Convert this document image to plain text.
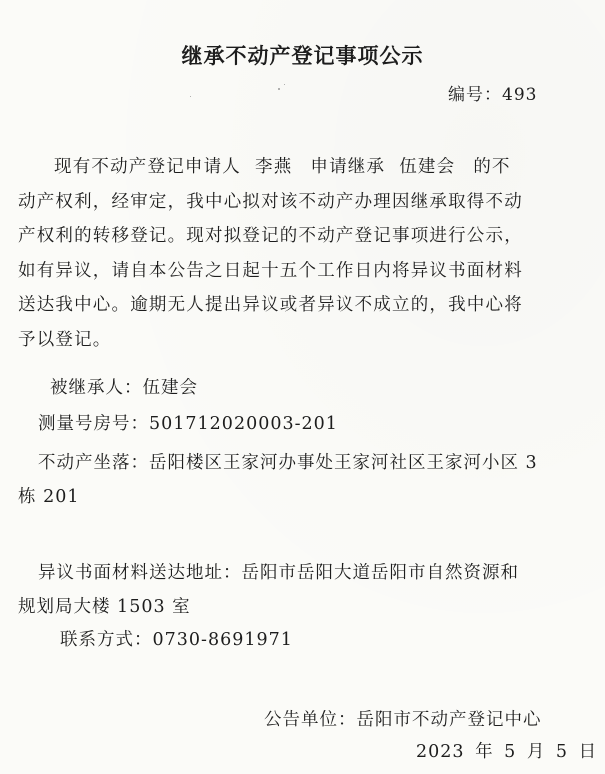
继承不动产登记事项公示
编号：493
现有不动产登记申请人 李燕 申请继承 伍建会 的不
动产权利，经审定，我中心拟对该不动产办理因继承取得不动
产权利的转移登记。现对拟登记的不动产登记事项进行公示，
如有异议，请自本公告之日起十五个工作日内将异议书面材料
送达我中心。逾期无人提出异议或者异议不成立的，我中心将
予以登记。
被继承人：伍建会
测量号房号：501712020003-201
不动产坐落：岳阳楼区王家河办事处王家河社区王家河小区 3
栋 201
异议书面材料送达地址：岳阳市岳阳大道岳阳市自然资源和
规划局大楼 1503 室
联系方式：0730-8691971
公告单位：岳阳市不动产登记中心
2023 年 5 月 5 日
